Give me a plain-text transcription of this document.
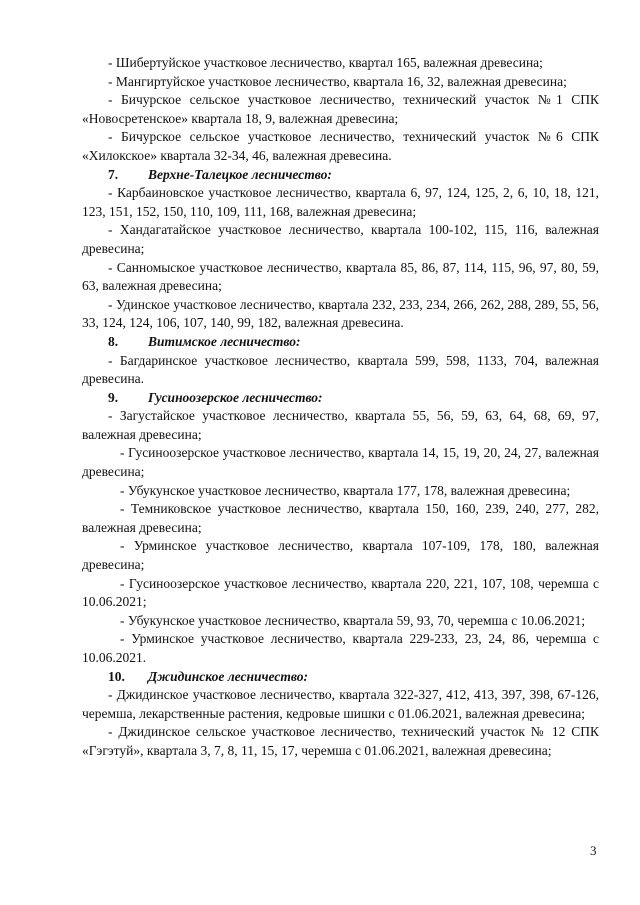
- Шибертуйское участковое лесничество, квартал 165, валежная древесина;

- Мангиртуйское участковое лесничество, квартала 16, 32, валежная древесина;

- Бичурское сельское участковое лесничество, технический участок №1 СПК «Новосретенское» квартала 18, 9, валежная древесина;

- Бичурское сельское участковое лесничество, технический участок №6 СПК «Хилокское» квартала 32-34, 46, валежная древесина.

7. Верхне-Талецкое лесничество:

- Карбаиновское участковое лесничество, квартала 6, 97, 124, 125, 2, 6, 10, 18, 121, 123, 151, 152, 150, 110, 109, 111, 168, валежная древесина;

- Хандагатайское участковое лесничество, квартала 100-102, 115, 116, валежная древесина;

- Санномыское участковое лесничество, квартала 85, 86, 87, 114, 115, 96, 97, 80, 59, 63, валежная древесина;

- Удинское участковое лесничество, квартала 232, 233, 234, 266, 262, 288, 289, 55, 56, 33, 124, 124, 106, 107, 140, 99, 182, валежная древесина.

8. Витимское лесничество:

- Багдаринское участковое лесничество, квартала 599, 598, 1133, 704, валежная древесина.

9. Гусиноозерское лесничество:

- Загустайское участковое лесничество, квартала 55, 56, 59, 63, 64, 68, 69, 97, валежная древесина;

- Гусиноозерское участковое лесничество, квартала 14, 15, 19, 20, 24, 27, валежная древесина;

- Убукунское участковое лесничество, квартала 177, 178, валежная древесина;

- Темниковское участковое лесничество, квартала 150, 160, 239, 240, 277, 282, валежная древесина;

- Урминское участковое лесничество, квартала 107-109, 178, 180, валежная древесина;

- Гусиноозерское участковое лесничество, квартала 220, 221, 107, 108, черемша с 10.06.2021;

- Убукунское участковое лесничество, квартала 59, 93, 70, черемша с 10.06.2021;

- Урминское участковое лесничество, квартала 229-233, 23, 24, 86, черемша с 10.06.2021.

10. Джидинское лесничество:

- Джидинское участковое лесничество, квартала 322-327, 412, 413, 397, 398, 67-126, черемша, лекарственные растения, кедровые шишки с 01.06.2021, валежная древесина;

- Джидинское сельское участковое лесничество, технический участок № 12 СПК «Гэгэтуй», квартала 3, 7, 8, 11, 15, 17, черемша с 01.06.2021, валежная древесина;

3
